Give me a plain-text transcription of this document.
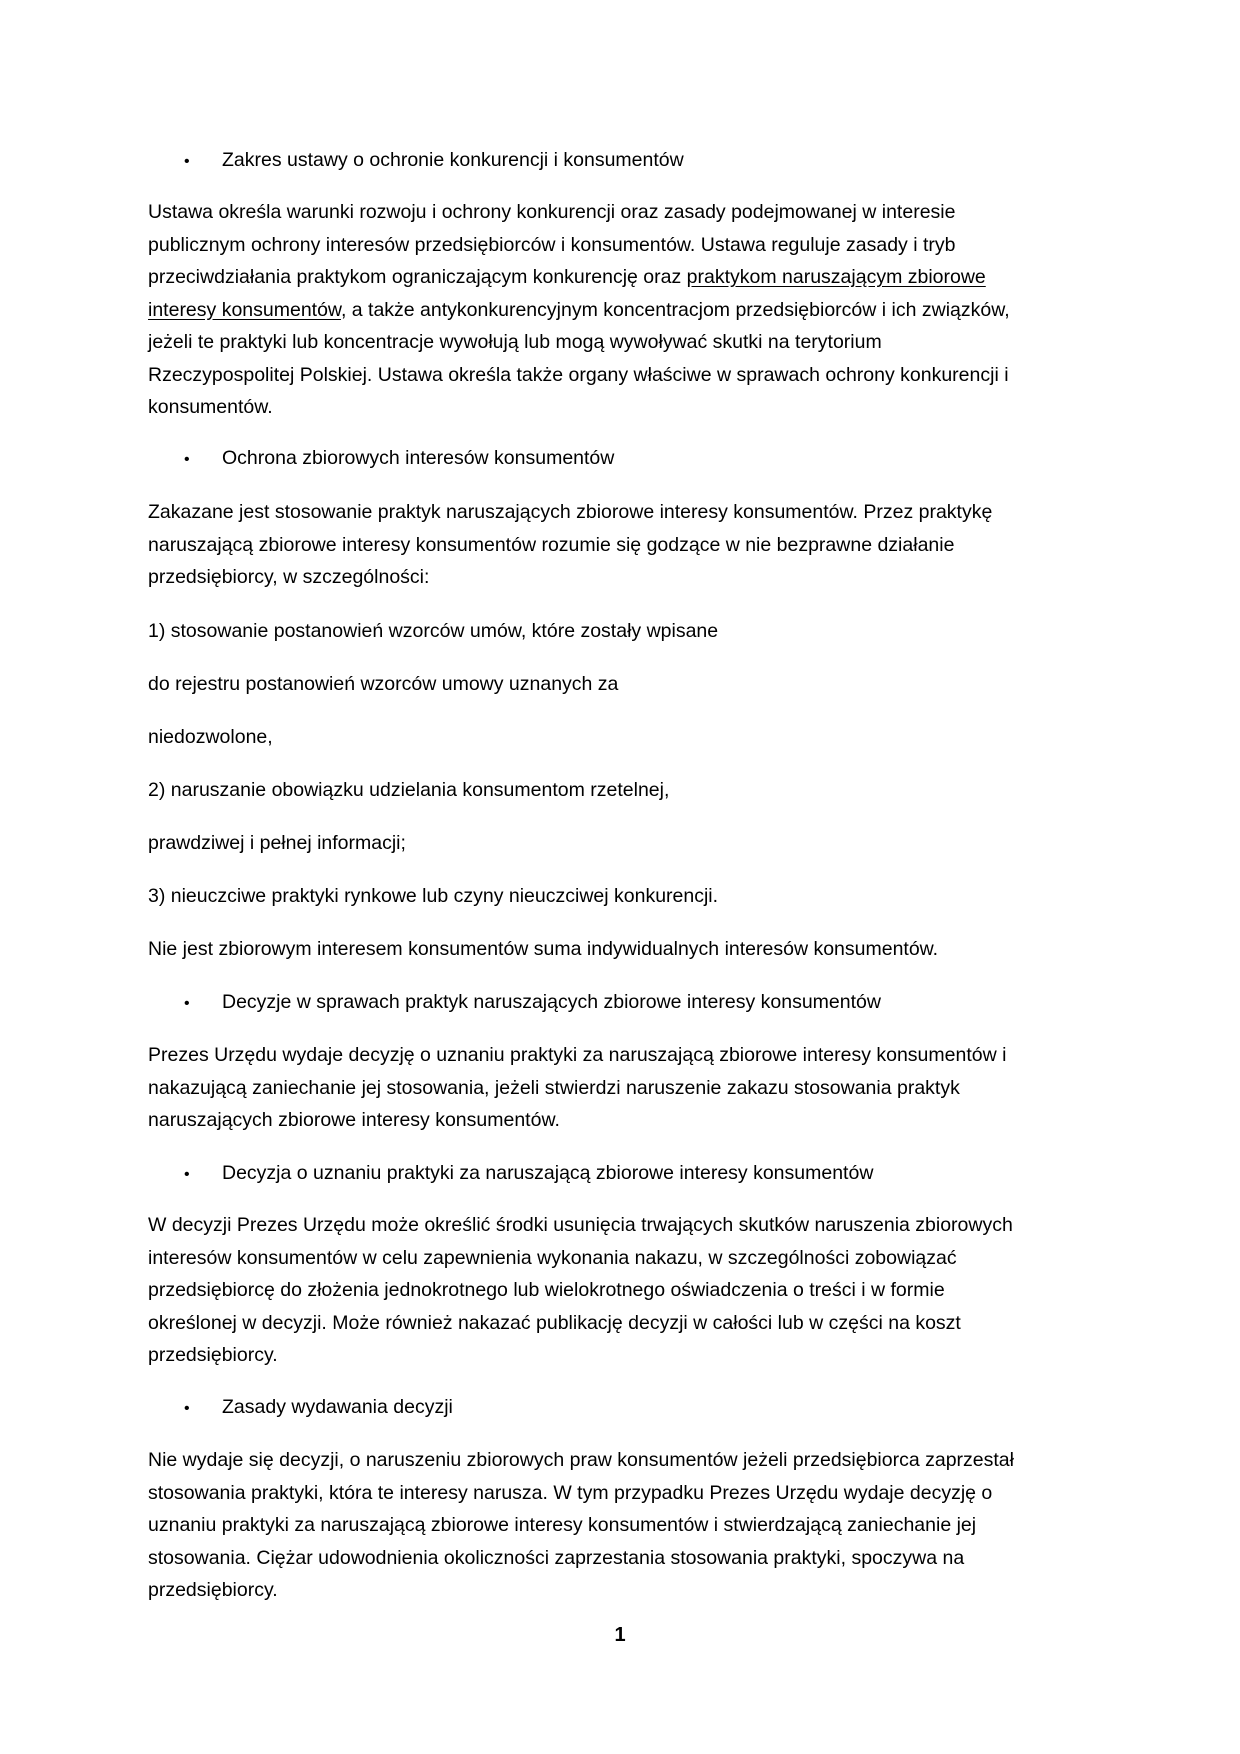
• Zakres ustawy o ochronie konkurencji i konsumentów

Ustawa określa warunki rozwoju i ochrony konkurencji oraz zasady podejmowanej w interesie
publicznym ochrony interesów przedsiębiorców i konsumentów. Ustawa reguluje zasady i tryb
przeciwdziałania praktykom ograniczającym konkurencję oraz praktykom naruszającym zbiorowe
interesy konsumentów, a także antykonkurencyjnym koncentracjom przedsiębiorców i ich związków,
jeżeli te praktyki lub koncentracje wywołują lub mogą wywoływać skutki na terytorium
Rzeczypospolitej Polskiej. Ustawa określa także organy właściwe w sprawach ochrony konkurencji i
konsumentów.

• Ochrona zbiorowych interesów konsumentów

Zakazane jest stosowanie praktyk naruszających zbiorowe interesy konsumentów. Przez praktykę
naruszającą zbiorowe interesy konsumentów rozumie się godzące w nie bezprawne działanie
przedsiębiorcy, w szczególności:

1) stosowanie postanowień wzorców umów, które zostały wpisane

do rejestru postanowień wzorców umowy uznanych za

niedozwolone,

2) naruszanie obowiązku udzielania konsumentom rzetelnej,

prawdziwej i pełnej informacji;

3) nieuczciwe praktyki rynkowe lub czyny nieuczciwej konkurencji.

Nie jest zbiorowym interesem konsumentów suma indywidualnych interesów konsumentów.

• Decyzje w sprawach praktyk naruszających zbiorowe interesy konsumentów

Prezes Urzędu wydaje decyzję o uznaniu praktyki za naruszającą zbiorowe interesy konsumentów i
nakazującą zaniechanie jej stosowania, jeżeli stwierdzi naruszenie zakazu stosowania praktyk
naruszających zbiorowe interesy konsumentów.

• Decyzja o uznaniu praktyki za naruszającą zbiorowe interesy konsumentów

W decyzji Prezes Urzędu może określić środki usunięcia trwających skutków naruszenia zbiorowych
interesów konsumentów w celu zapewnienia wykonania nakazu, w szczególności zobowiązać
przedsiębiorcę do złożenia jednokrotnego lub wielokrotnego oświadczenia o treści i w formie
określonej w decyzji. Może również nakazać publikację decyzji w całości lub w części na koszt
przedsiębiorcy.

• Zasady wydawania decyzji

Nie wydaje się decyzji, o naruszeniu zbiorowych praw konsumentów jeżeli przedsiębiorca zaprzestał
stosowania praktyki, która te interesy narusza. W tym przypadku Prezes Urzędu wydaje decyzję o
uznaniu praktyki za naruszającą zbiorowe interesy konsumentów i stwierdzającą zaniechanie jej
stosowania. Ciężar udowodnienia okoliczności zaprzestania stosowania praktyki, spoczywa na
przedsiębiorcy.

1
